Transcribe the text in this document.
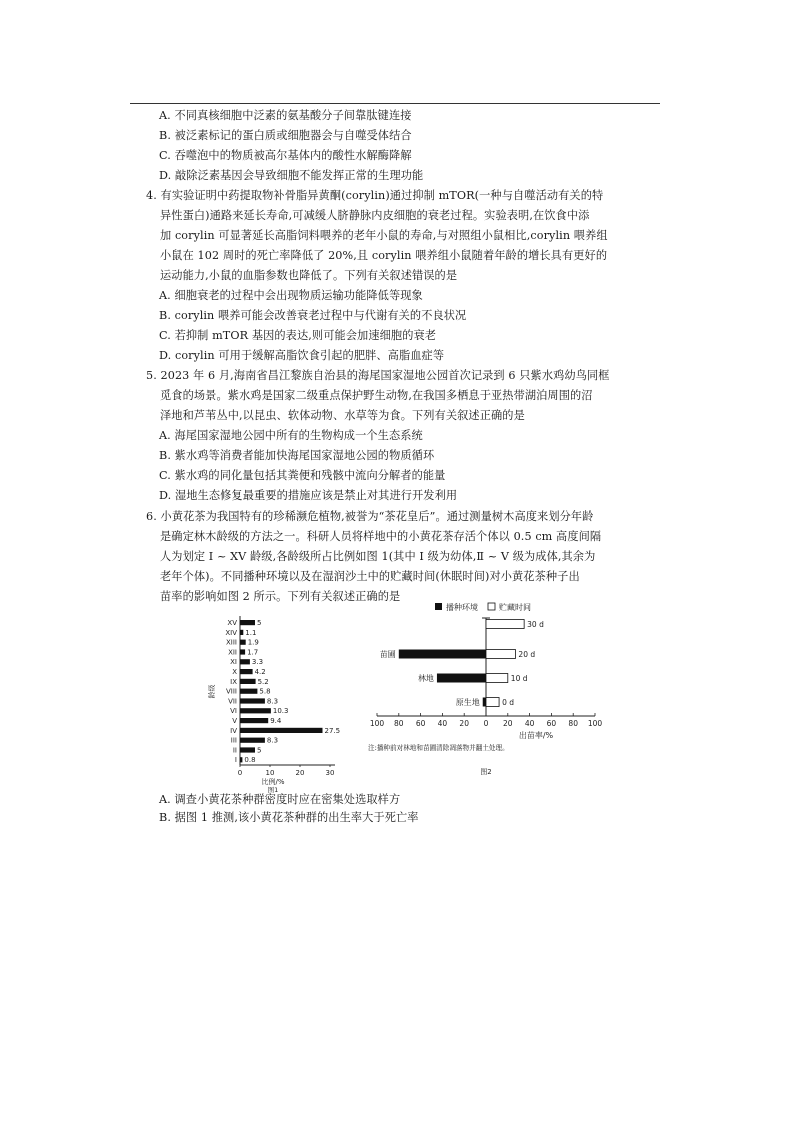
A. 不同真核细胞中泛素的氨基酸分子间靠肽键连接
B. 被泛素标记的蛋白质或细胞器会与自噬受体结合
C. 吞噬泡中的物质被高尔基体内的酸性水解酶降解
D. 敲除泛素基因会导致细胞不能发挥正常的生理功能
4. 有实验证明中药提取物补骨脂异黄酮(corylin)通过抑制 mTOR(一种与自噬活动有关的特
异性蛋白)通路来延长寿命,可减缓人脐静脉内皮细胞的衰老过程。实验表明,在饮食中添
加 corylin 可显著延长高脂饲料喂养的老年小鼠的寿命,与对照组小鼠相比,corylin 喂养组
小鼠在 102 周时的死亡率降低了 20%,且 corylin 喂养组小鼠随着年龄的增长具有更好的
运动能力,小鼠的血脂参数也降低了。下列有关叙述错误的是
A. 细胞衰老的过程中会出现物质运输功能降低等现象
B. corylin 喂养可能会改善衰老过程中与代谢有关的不良状况
C. 若抑制 mTOR 基因的表达,则可能会加速细胞的衰老
D. corylin 可用于缓解高脂饮食引起的肥胖、高脂血症等
5. 2023 年 6 月,海南省昌江黎族自治县的海尾国家湿地公园首次记录到 6 只紫水鸡幼鸟同框
觅食的场景。紫水鸡是国家二级重点保护野生动物,在我国多栖息于亚热带湖泊周围的沼
泽地和芦苇丛中,以昆虫、软体动物、水草等为食。下列有关叙述正确的是
A. 海尾国家湿地公园中所有的生物构成一个生态系统
B. 紫水鸡等消费者能加快海尾国家湿地公园的物质循环
C. 紫水鸡的同化量包括其粪便和残骸中流向分解者的能量
D. 湿地生态修复最重要的措施应该是禁止对其进行开发利用
6. 小黄花茶为我国特有的珍稀濒危植物,被誉为“茶花皇后”。通过测量树木高度来划分年龄
是确定林木龄级的方法之一。科研人员将样地中的小黄花茶存活个体以 0.5 cm 高度间隔
人为划定 Ⅰ ~ ⅩⅤ 龄级,各龄级所占比例如图 1(其中 Ⅰ 级为幼体,Ⅱ ~ Ⅴ 级为成体,其余为
老年个体)。不同播种环境以及在湿润沙土中的贮藏时间(休眠时间)对小黄花茶种子出
苗率的影响如图 2 所示。下列有关叙述正确的是
XV	5
XIV 1.1
XIII 1.9
XII 1.7
XI 3.3
X	4.2
IX	5.2
VIII	5.8
VII	8.3
VI	10.3
V	9.4
IV	27.5
III	8.3
II	5
I 0.8
0	10	20	30
比例/%
图1
龄级
播种环境	贮藏时间
100 80 60 40 20 0 20 40 60 80 100
30 d
苗圃	20 d
林地	10 d
原生地	0 d
出苗率/%
注:播种前对林地和苗圃清除凋落物并翻土处理。
图2
A. 调查小黄花茶种群密度时应在密集处选取样方
B. 据图 1 推测,该小黄花茶种群的出生率大于死亡率
